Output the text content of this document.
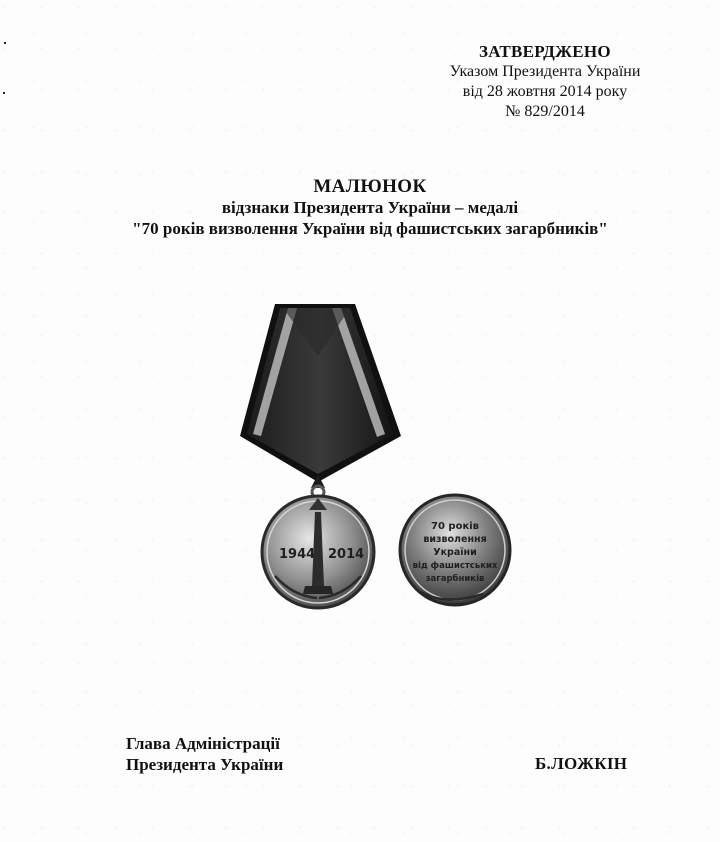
ЗАТВЕРДЖЕНО
Указом Президента України
від 28 жовтня 2014 року
№ 829/2014
МАЛЮНОК
відзнаки Президента України – медалі
"70 років визволення України від фашистських загарбників"
1944 2014
70 років
визволення
України
від фашистських
загарбників
Глава Адміністрації
Президента України	Б.ЛОЖКІН
